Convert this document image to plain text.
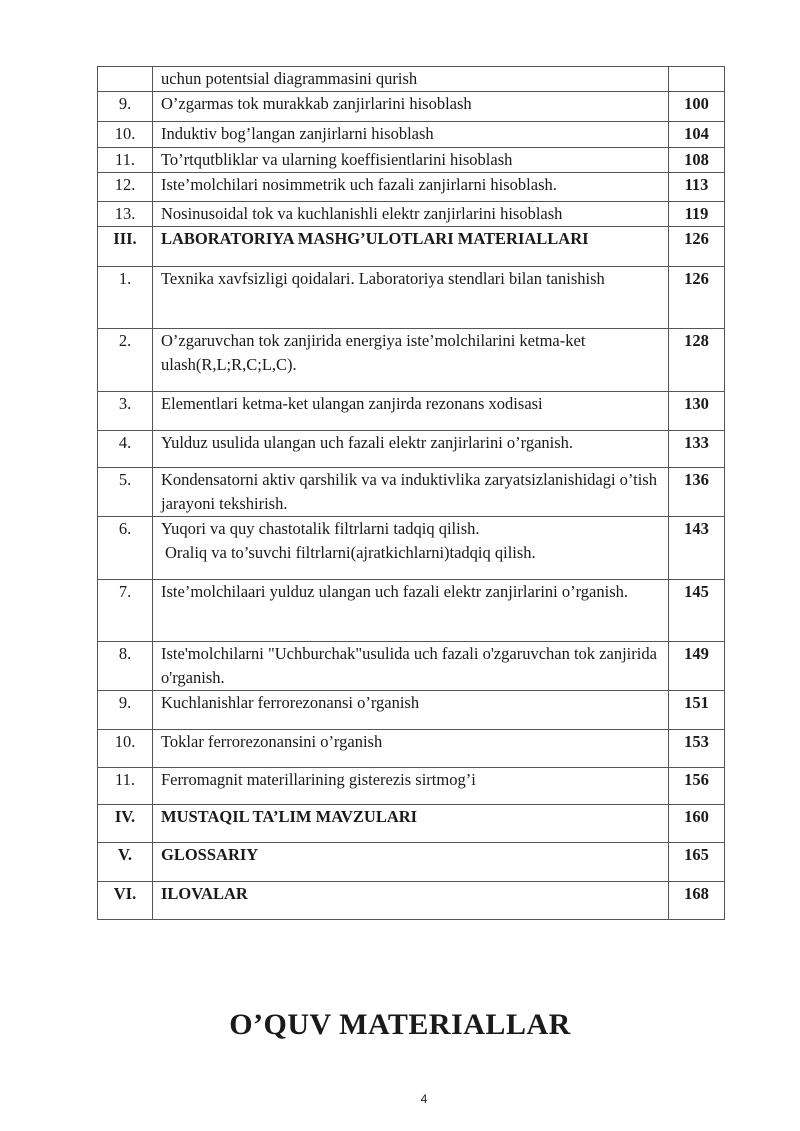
	uchun potentsial diagrammasini qurish	
9.	O’zgarmas tok murakkab zanjirlarini hisoblash	100
10.	Induktiv bog’langan zanjirlarni hisoblash	104
11.	To’rtqutbliklar va ularning koeffisientlarini hisoblash	108
12.	Iste’molchilari nosimmetrik uch fazali zanjirlarni hisoblash.	113
13.	Nosinusoidal tok va kuchlanishli elektr zanjirlarini hisoblash	119
III.	LABORATORIYA MASHG’ULOTLARI MATERIALLARI	126
1.	Texnika xavfsizligi qoidalari. Laboratoriya stendlari bilan tanishish	126
2.	O’zgaruvchan tok zanjirida energiya iste’molchilarini ketma-ket ulash(R,L;R,C;L,C).	128
3.	Elementlari ketma-ket ulangan zanjirda rezonans xodisasi	130
4.	Yulduz usulida ulangan uch fazali elektr zanjirlarini o’rganish.	133
5.	Kondensatorni aktiv qarshilik va va induktivlika zaryatsizlanishidagi o’tish jarayoni tekshirish.	136
6.	Yuqori va quy chastotalik filtrlarni tadqiq qilish.
Oraliq va to’suvchi filtrlarni(ajratkichlarni)tadqiq qilish.	143
7.	Iste’molchilaari yulduz ulangan uch fazali elektr zanjirlarini o’rganish.	145
8.	Iste'molchilarni "Uchburchak"usulida uch fazali o'zgaruvchan tok zanjirida o'rganish.	149
9.	Kuchlanishlar ferrorezonansi o’rganish	151
10.	Toklar ferrorezonansini o’rganish	153
11.	Ferromagnit materillarining gisterezis sirtmog’i	156
IV.	MUSTAQIL TA’LIM MAVZULARI	160
V.	GLOSSARIY	165
VI.	ILOVALAR	168
O’QUV MATERIALLAR
4
